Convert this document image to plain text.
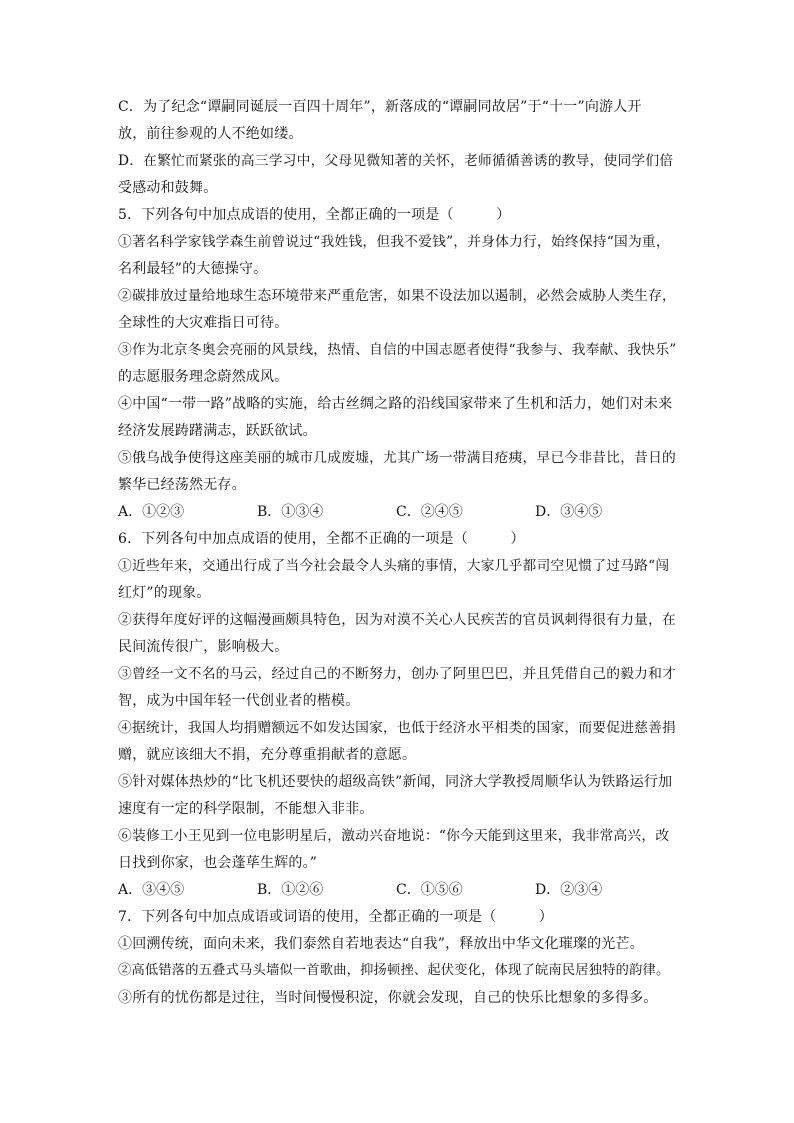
C．为了纪念“谭嗣同诞辰一百四十周年”，新落成的“谭嗣同故居”于“十一”向游人开
放，前往参观的人不绝如缕。
D．在繁忙而紧张的高三学习中，父母见微知著的关怀，老师循循善诱的教导，使同学们倍
受感动和鼓舞。
5．下列各句中加点成语的使用，全都正确的一项是（　　　）
①著名科学家钱学森生前曾说过“我姓钱，但我不爱钱”，并身体力行，始终保持“国为重，
名利最轻”的大德操守。
②碳排放过量给地球生态环境带来严重危害，如果不设法加以遏制，必然会威胁人类生存，
全球性的大灾难指日可待。
③作为北京冬奥会亮丽的风景线，热情、自信的中国志愿者使得“我参与、我奉献、我快乐”
的志愿服务理念蔚然成风。
④中国“一带一路”战略的实施，给古丝绸之路的沿线国家带来了生机和活力，她们对未来
经济发展踌躇满志，跃跃欲试。
⑤俄乌战争使得这座美丽的城市几成废墟，尤其广场一带满目疮痍，早已今非昔比，昔日的
繁华已经荡然无存。
A．①②③	B．①③④	C．②④⑤	D．③④⑤
6．下列各句中加点成语的使用，全都不正确的一项是（　　　）
①近些年来，交通出行成了当今社会最令人头痛的事情，大家几乎都司空见惯了过马路“闯
红灯”的现象。
②获得年度好评的这幅漫画颇具特色，因为对漠不关心人民疾苦的官员讽刺得很有力量，在
民间流传很广，影响极大。
③曾经一文不名的马云，经过自己的不断努力，创办了阿里巴巴，并且凭借自己的毅力和才
智，成为中国年轻一代创业者的楷模。
④据统计，我国人均捐赠额远不如发达国家，也低于经济水平相类的国家，而要促进慈善捐
赠，就应该细大不捐，充分尊重捐献者的意愿。
⑤针对媒体热炒的“比飞机还要快的超级高铁”新闻，同济大学教授周顺华认为铁路运行加
速度有一定的科学限制，不能想入非非。
⑥装修工小王见到一位电影明星后，激动兴奋地说：“你今天能到这里来，我非常高兴，改
日找到你家，也会蓬荜生辉的。”
A．③④⑤	B．①②⑥	C．①⑤⑥	D．②③④
7．下列各句中加点成语或词语的使用，全都正确的一项是（　　　）
①回溯传统，面向未来，我们泰然自若地表达“自我”，释放出中华文化璀璨的光芒。
②高低错落的五叠式马头墙似一首歌曲，抑扬顿挫、起伏变化，体现了皖南民居独特的韵律。
③所有的忧伤都是过往，当时间慢慢积淀，你就会发现，自己的快乐比想象的多得多。
